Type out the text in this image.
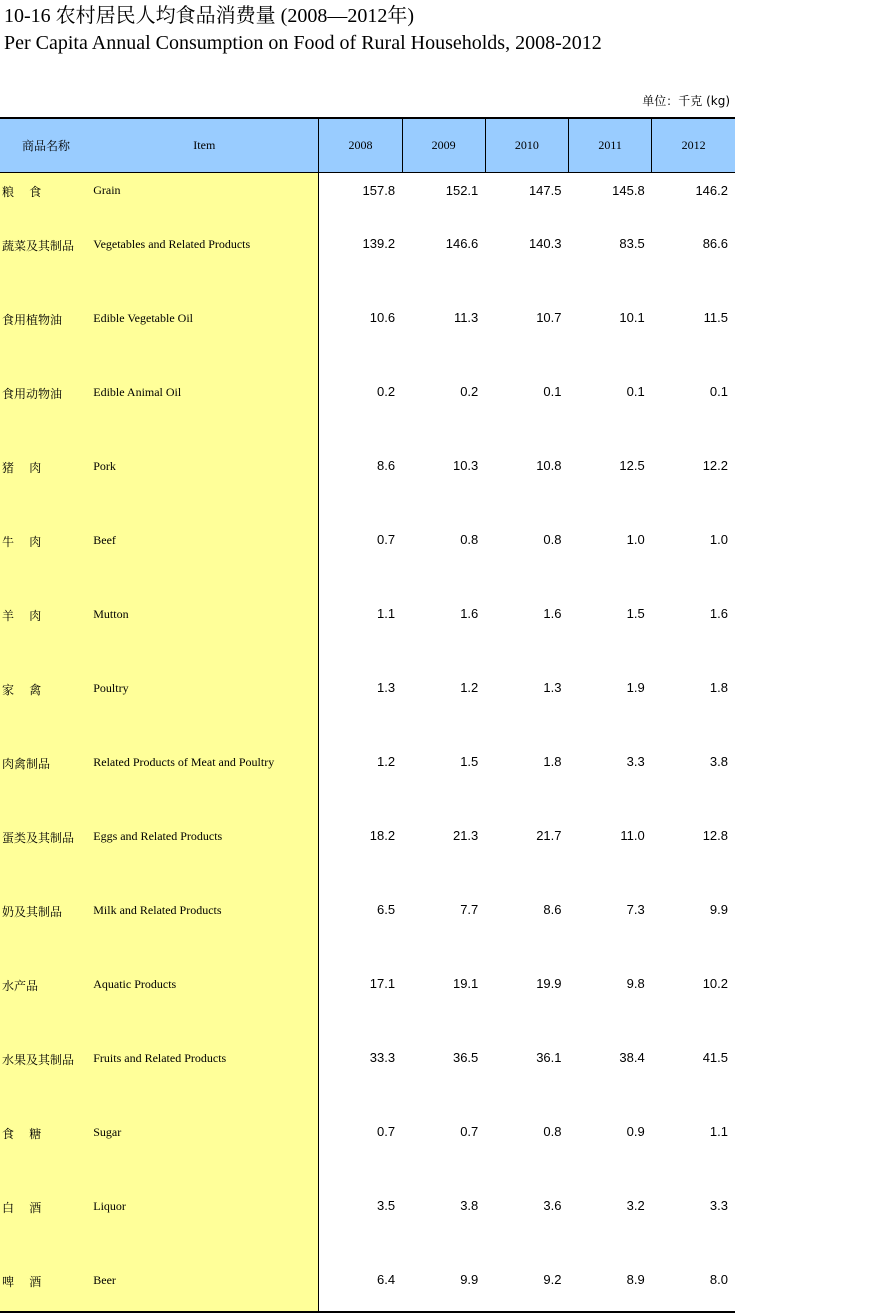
10-16 农村居民人均食品消费量 (2008—2012年)
Per Capita Annual Consumption on Food of Rural Households, 2008-2012
单位：千克 (kg)
商品名称	Item	2008	2009	2010	2011	2012
粮    食	Grain	157.8	152.1	147.5	145.8	146.2
蔬菜及其制品	Vegetables and Related Products	139.2	146.6	140.3	83.5	86.6
食用植物油	Edible Vegetable Oil	10.6	11.3	10.7	10.1	11.5
食用动物油	Edible Animal Oil	0.2	0.2	0.1	0.1	0.1
猪    肉	Pork	8.6	10.3	10.8	12.5	12.2
牛    肉	Beef	0.7	0.8	0.8	1.0	1.0
羊    肉	Mutton	1.1	1.6	1.6	1.5	1.6
家    禽	Poultry	1.3	1.2	1.3	1.9	1.8
肉禽制品	Related Products of Meat and Poultry	1.2	1.5	1.8	3.3	3.8
蛋类及其制品	Eggs and Related Products	18.2	21.3	21.7	11.0	12.8
奶及其制品	Milk and Related Products	6.5	7.7	8.6	7.3	9.9
水产品	Aquatic Products	17.1	19.1	19.9	9.8	10.2
水果及其制品	Fruits and Related Products	33.3	36.5	36.1	38.4	41.5
食    糖	Sugar	0.7	0.7	0.8	0.9	1.1
白    酒	Liquor	3.5	3.8	3.6	3.2	3.3
啤    酒	Beer	6.4	9.9	9.2	8.9	8.0
